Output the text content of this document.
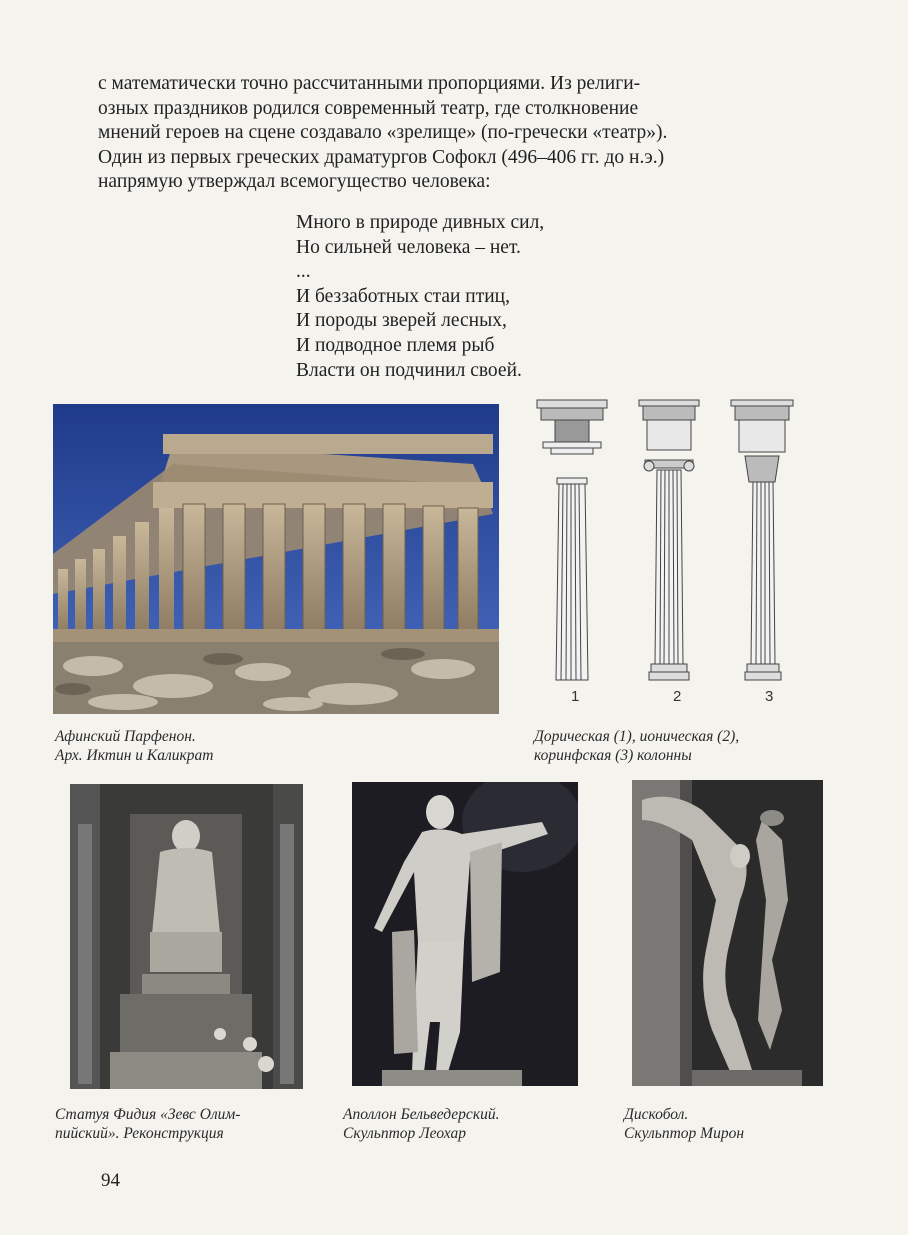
с математически точно рассчитанными пропорциями. Из религи-
озных праздников родился современный театр, где столкновение
мнений героев на сцене создавало «зрелище» (по-гречески «театр»).
Один из первых греческих драматургов Софокл (496–406 гг. до н.э.)
напрямую утверждал всемогущество человека:
Много в природе дивных сил,
Но сильней человека – нет.
...
И беззаботных стаи птиц,
И породы зверей лесных,
И подводное племя рыб
Власти он подчинил своей.
Афинский Парфенон.
Арх. Иктин и Каликрат
1	2	3
Дорическая (1), ионическая (2),
коринфская (3) колонны
Статуя Фидия «Зевс Олим-
пийский». Реконструкция
Аполлон Бельведерский.
Скульптор Леохар
Дискобол.
Скульптор Мирон
94
